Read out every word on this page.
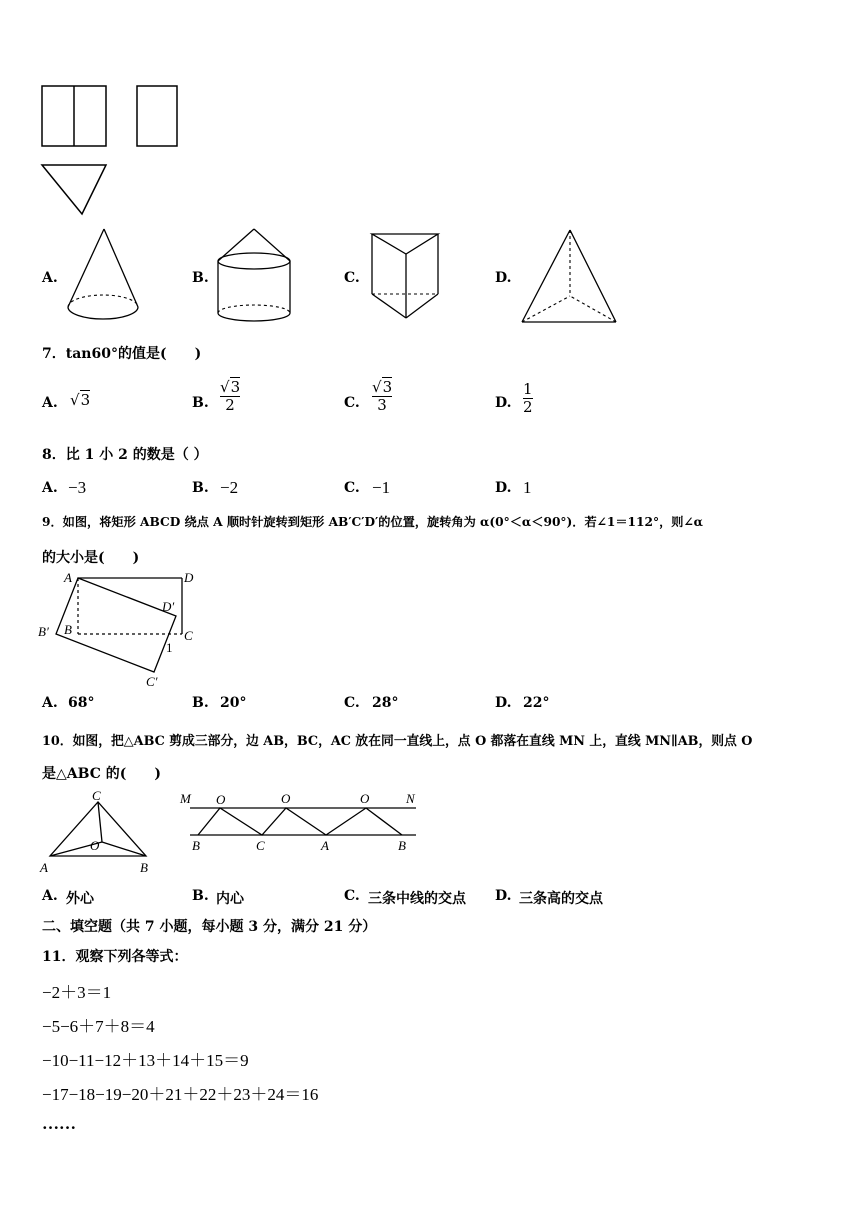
A.	B.	C.	D.
7．tan60°的值是(　　)
A. √3	B.
√3
2	C.
√3
3	D.
1
2
8．比 1 小 2 的数是（ ）
A. −3	B. −2	C. −1	D. 1
9．如图，将矩形 ABCD 绕点 A 顺时针旋转到矩形 AB′C′D′的位置，旋转角为 α(0°＜α＜90°)．若∠1＝112°，则∠α
的大小是(　　)
A	D
D′
B′ B	C
1
C′
A. 68°	B. 20°	C. 28°	D. 22°
10．如图，把△ABC 剪成三部分，边 AB，BC，AC 放在同一直线上，点 O 都落在直线 MN 上，直线 MN∥AB，则点 O
是△ABC 的(　　)
C
O
A	B
M O	O	O	N
B	C	A	B
A. 外心	B. 内心	C. 三条中线的交点 D. 三条高的交点
二、填空题（共 7 小题，每小题 3 分，满分 21 分）
11．观察下列各等式：
−2＋3＝1
−5−6＋7＋8＝4
−10−11−12＋13＋14＋15＝9
−17−18−19−20＋21＋22＋23＋24＝16
……
